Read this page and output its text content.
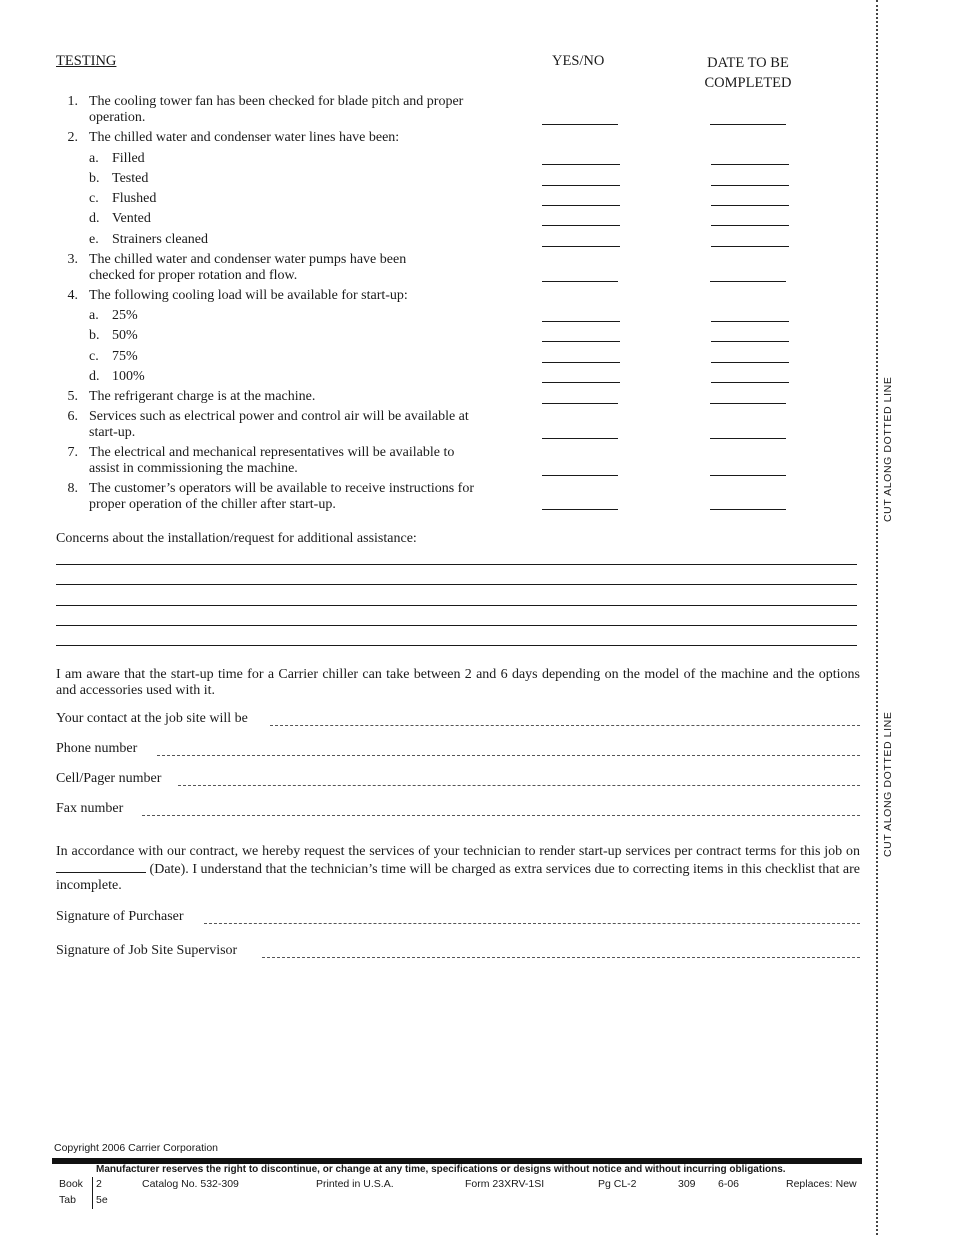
TESTING	YES/NO	DATE TO BE
COMPLETED
1. The cooling tower fan has been checked for blade pitch and proper operation.
2. The chilled water and condenser water lines have been:
a. Filled
b. Tested
c. Flushed
d. Vented
e. Strainers cleaned
3. The chilled water and condenser water pumps have been checked for proper rotation and flow.
4. The following cooling load will be available for start-up:
a. 25%
b. 50%
c. 75%
d. 100%
5. The refrigerant charge is at the machine.
6. Services such as electrical power and control air will be available at start-up.
7. The electrical and mechanical representatives will be available to assist in commissioning the machine.
8. The customer’s operators will be available to receive instructions for proper operation of the chiller after start-up.
Concerns about the installation/request for additional assistance:
I am aware that the start-up time for a Carrier chiller can take between 2 and 6 days depending on the model of the machine and the options and accessories used with it.
Your contact at the job site will be
Phone number
Cell/Pager number
Fax number
In accordance with our contract, we hereby request the services of your technician to render start-up services per contract terms for this job on  (Date). I understand that the technician’s time will be charged as extra services due to correcting items in this checklist that are incomplete.
Signature of Purchaser
Signature of Job Site Supervisor
CUT ALONG DOTTED LINE
CUT ALONG DOTTED LINE
Copyright 2006 Carrier Corporation
Manufacturer reserves the right to discontinue, or change at any time, specifications or designs without notice and without incurring obligations.
Book 2
Tab 5e
Catalog No. 532-309	Printed in U.S.A.	Form 23XRV-1SI	Pg CL-2	309 6-06	Replaces: New
